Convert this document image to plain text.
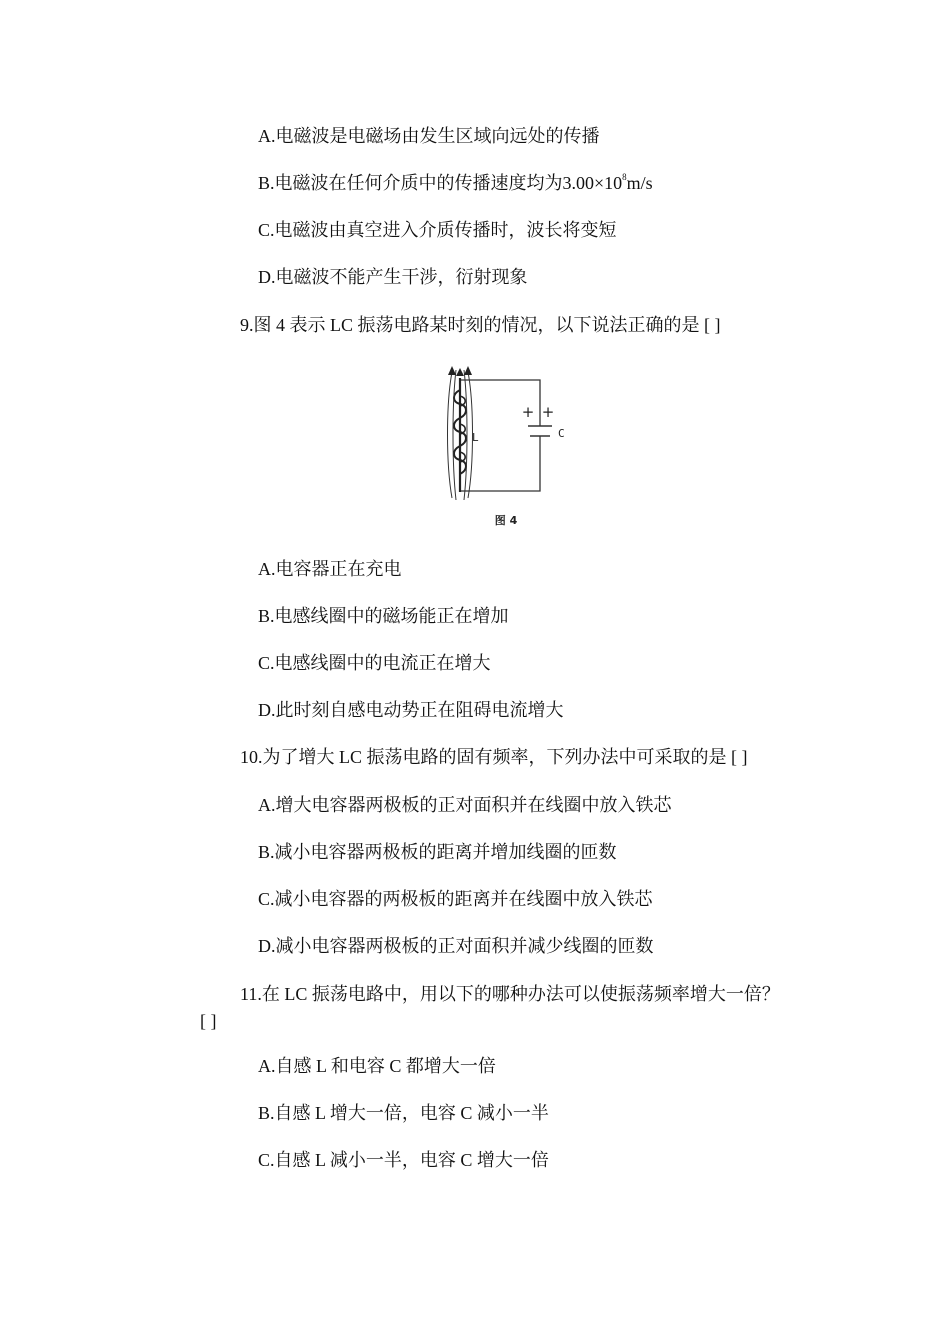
A.电磁波是电磁场由发生区域向远处的传播
B.电磁波在任何介质中的传播速度均为$3.00\times 10^8m/s$
C.电磁波由真空进入介质传播时，波长将变短
D.电磁波不能产生干涉，衍射现象
9.图 4 表示 LC 振荡电路某时刻的情况，以下说法正确的是 [ ]
+ +
C
L
图 4
A.电容器正在充电
B.电感线圈中的磁场能正在增加
C.电感线圈中的电流正在增大
D.此时刻自感电动势正在阻碍电流增大
10.为了增大 LC 振荡电路的固有频率，下列办法中可采取的是 [ ]
A.增大电容器两极板的正对面积并在线圈中放入铁芯
B.减小电容器两极板的距离并增加线圈的匝数
C.减小电容器的两极板的距离并在线圈中放入铁芯
D.减小电容器两极板的正对面积并减少线圈的匝数
11.在 LC 振荡电路中，用以下的哪种办法可以使振荡频率增大一倍？
[ ]
A.自感 L 和电容 C 都增大一倍
B.自感 L 增大一倍，电容 C 减小一半
C.自感 L 减小一半，电容 C 增大一倍
